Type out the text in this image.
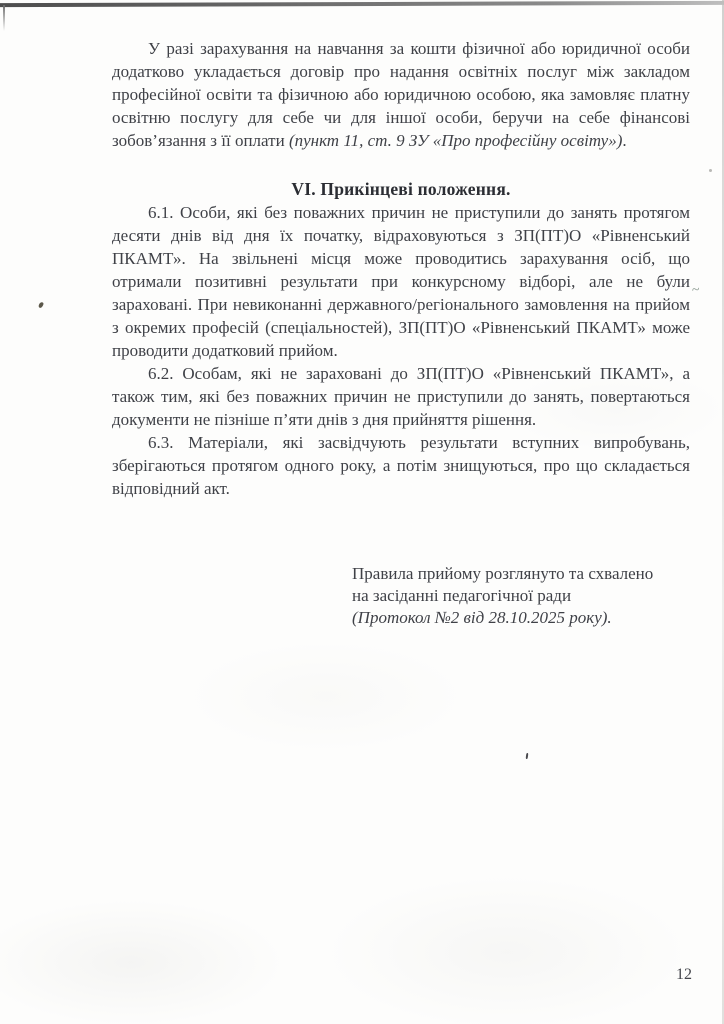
~

У разі зарахування на навчання за кошти фізичної або юридичної особи додатково укладається договір про надання освітніх послуг між закладом професійної освіти та фізичною або юридичною особою, яка замовляє платну освітню послугу для себе чи для іншої особи, беручи на себе фінансові зобов’язання з її оплати (пункт 11, ст. 9 ЗУ «Про професійну освіту»).

VI. Прикінцеві положення.

6.1. Особи, які без поважних причин не приступили до занять протягом десяти днів від дня їх початку, відраховуються з ЗП(ПТ)О «Рівненський ПКАМТ». На звільнені місця може проводитись зарахування осіб, що отримали позитивні результати при конкурсному відборі, але не були зараховані. При невиконанні державного/регіонального замовлення на прийом з окремих професій (спеціальностей), ЗП(ПТ)О «Рівненський ПКАМТ» може проводити додатковий прийом.

6.2. Особам, які не зараховані до ЗП(ПТ)О «Рівненський ПКАМТ», а також тим, які без поважних причин не приступили до занять, повертаються документи не пізніше п’яти днів з дня прийняття рішення.

6.3. Матеріали, які засвідчують результати вступних випробувань, зберігаються протягом одного року, а потім знищуються, про що складається відповідний акт.

Правила прийому розглянуто та схвалено
на засіданні педагогічної ради
(Протокол №2 від 28.10.2025 року).
12
